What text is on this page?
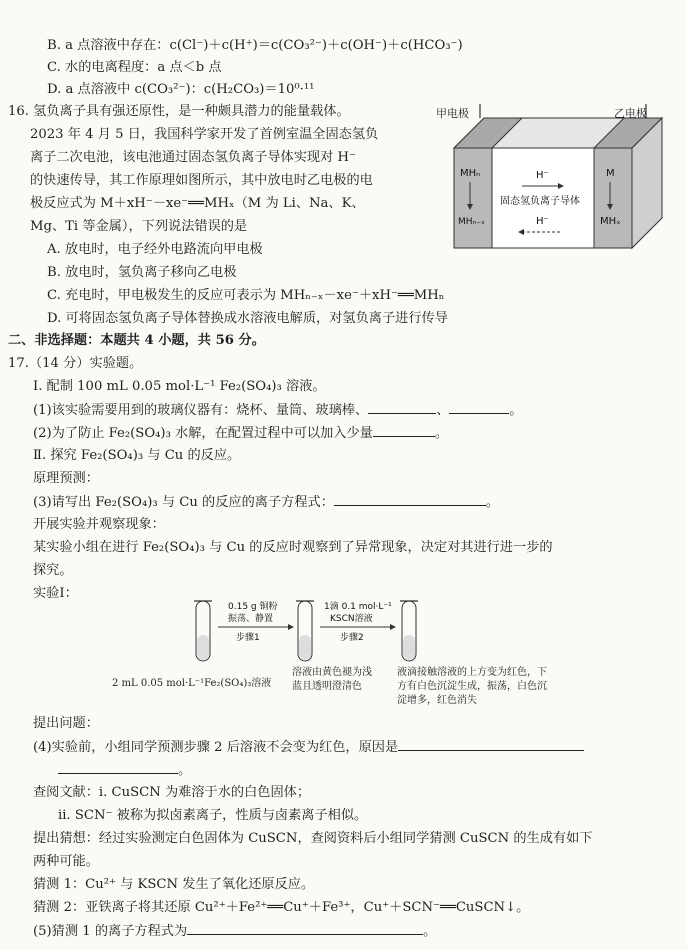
B. a 点溶液中存在：c(Cl⁻)＋c(H⁺)＝c(CO₃²⁻)＋c(OH⁻)＋c(HCO₃⁻)
C. 水的电离程度：a 点＜b 点
D. a 点溶液中 c(CO₃²⁻)：c(H₂CO₃)＝10⁰·¹¹
16. 氢负离子具有强还原性，是一种颇具潜力的能量载体。
2023 年 4 月 5 日，我国科学家开发了首例室温全固态氢负
离子二次电池，该电池通过固态氢负离子导体实现对 H⁻
的快速传导，其工作原理如图所示，其中放电时乙电极的电
极反应式为 M＋xH⁻－xe⁻══MHₓ（M 为 Li、Na、K、
Mg、Ti 等金属），下列说法错误的是
A. 放电时，电子经外电路流向甲电极
B. 放电时，氢负离子移向乙电极
C. 充电时，甲电极发生的反应可表示为 MHₙ₋ₓ－xe⁻＋xH⁻══MHₙ
D. 可将固态氢负离子导体替换成水溶液电解质，对氢负离子进行传导
MHₙ
MHₙ₋ₓ
M
MHₓ
H⁻
固态氢负离子导体
H⁻
甲电极	乙电极
二、非选择题：本题共 4 小题，共 56 分。
17.（14 分）实验题。
Ⅰ. 配制 100 mL 0.05 mol·L⁻¹ Fe₂(SO₄)₃ 溶液。
(1)该实验需要用到的玻璃仪器有：烧杯、量筒、玻璃棒、	、	。
(2)为了防止 Fe₂(SO₄)₃ 水解，在配置过程中可以加入少量	。
Ⅱ. 探究 Fe₂(SO₄)₃ 与 Cu 的反应。
原理预测：
(3)请写出 Fe₂(SO₄)₃ 与 Cu 的反应的离子方程式：	。
开展实验并观察现象：
某实验小组在进行 Fe₂(SO₄)₃ 与 Cu 的反应时观察到了异常现象，决定对其进行进一步的
探究。
实验Ⅰ：
0.15 g 铜粉
振荡、静置
步骤1
1滴 0.1 mol·L⁻¹
KSCN溶液
步骤2
2 mL 0.05 mol·L⁻¹Fe₂(SO₄)₃溶液
溶液由黄色褪为浅
蓝且透明澄清色
液滴接触溶液的上方变为红色，下
方有白色沉淀生成，振荡，白色沉
淀增多，红色消失
提出问题：
(4)实验前，小组同学预测步骤 2 后溶液不会变为红色，原因是
。
查阅文献：ⅰ. CuSCN 为难溶于水的白色固体；
ⅱ. SCN⁻ 被称为拟卤素离子，性质与卤素离子相似。
提出猜想：经过实验测定白色固体为 CuSCN，查阅资料后小组同学猜测 CuSCN 的生成有如下
两种可能。
猜测 1：Cu²⁺ 与 KSCN 发生了氧化还原反应。
猜测 2：亚铁离子将其还原 Cu²⁺＋Fe²⁺══Cu⁺＋Fe³⁺，Cu⁺＋SCN⁻══CuSCN↓。
(5)猜测 1 的离子方程式为	。
